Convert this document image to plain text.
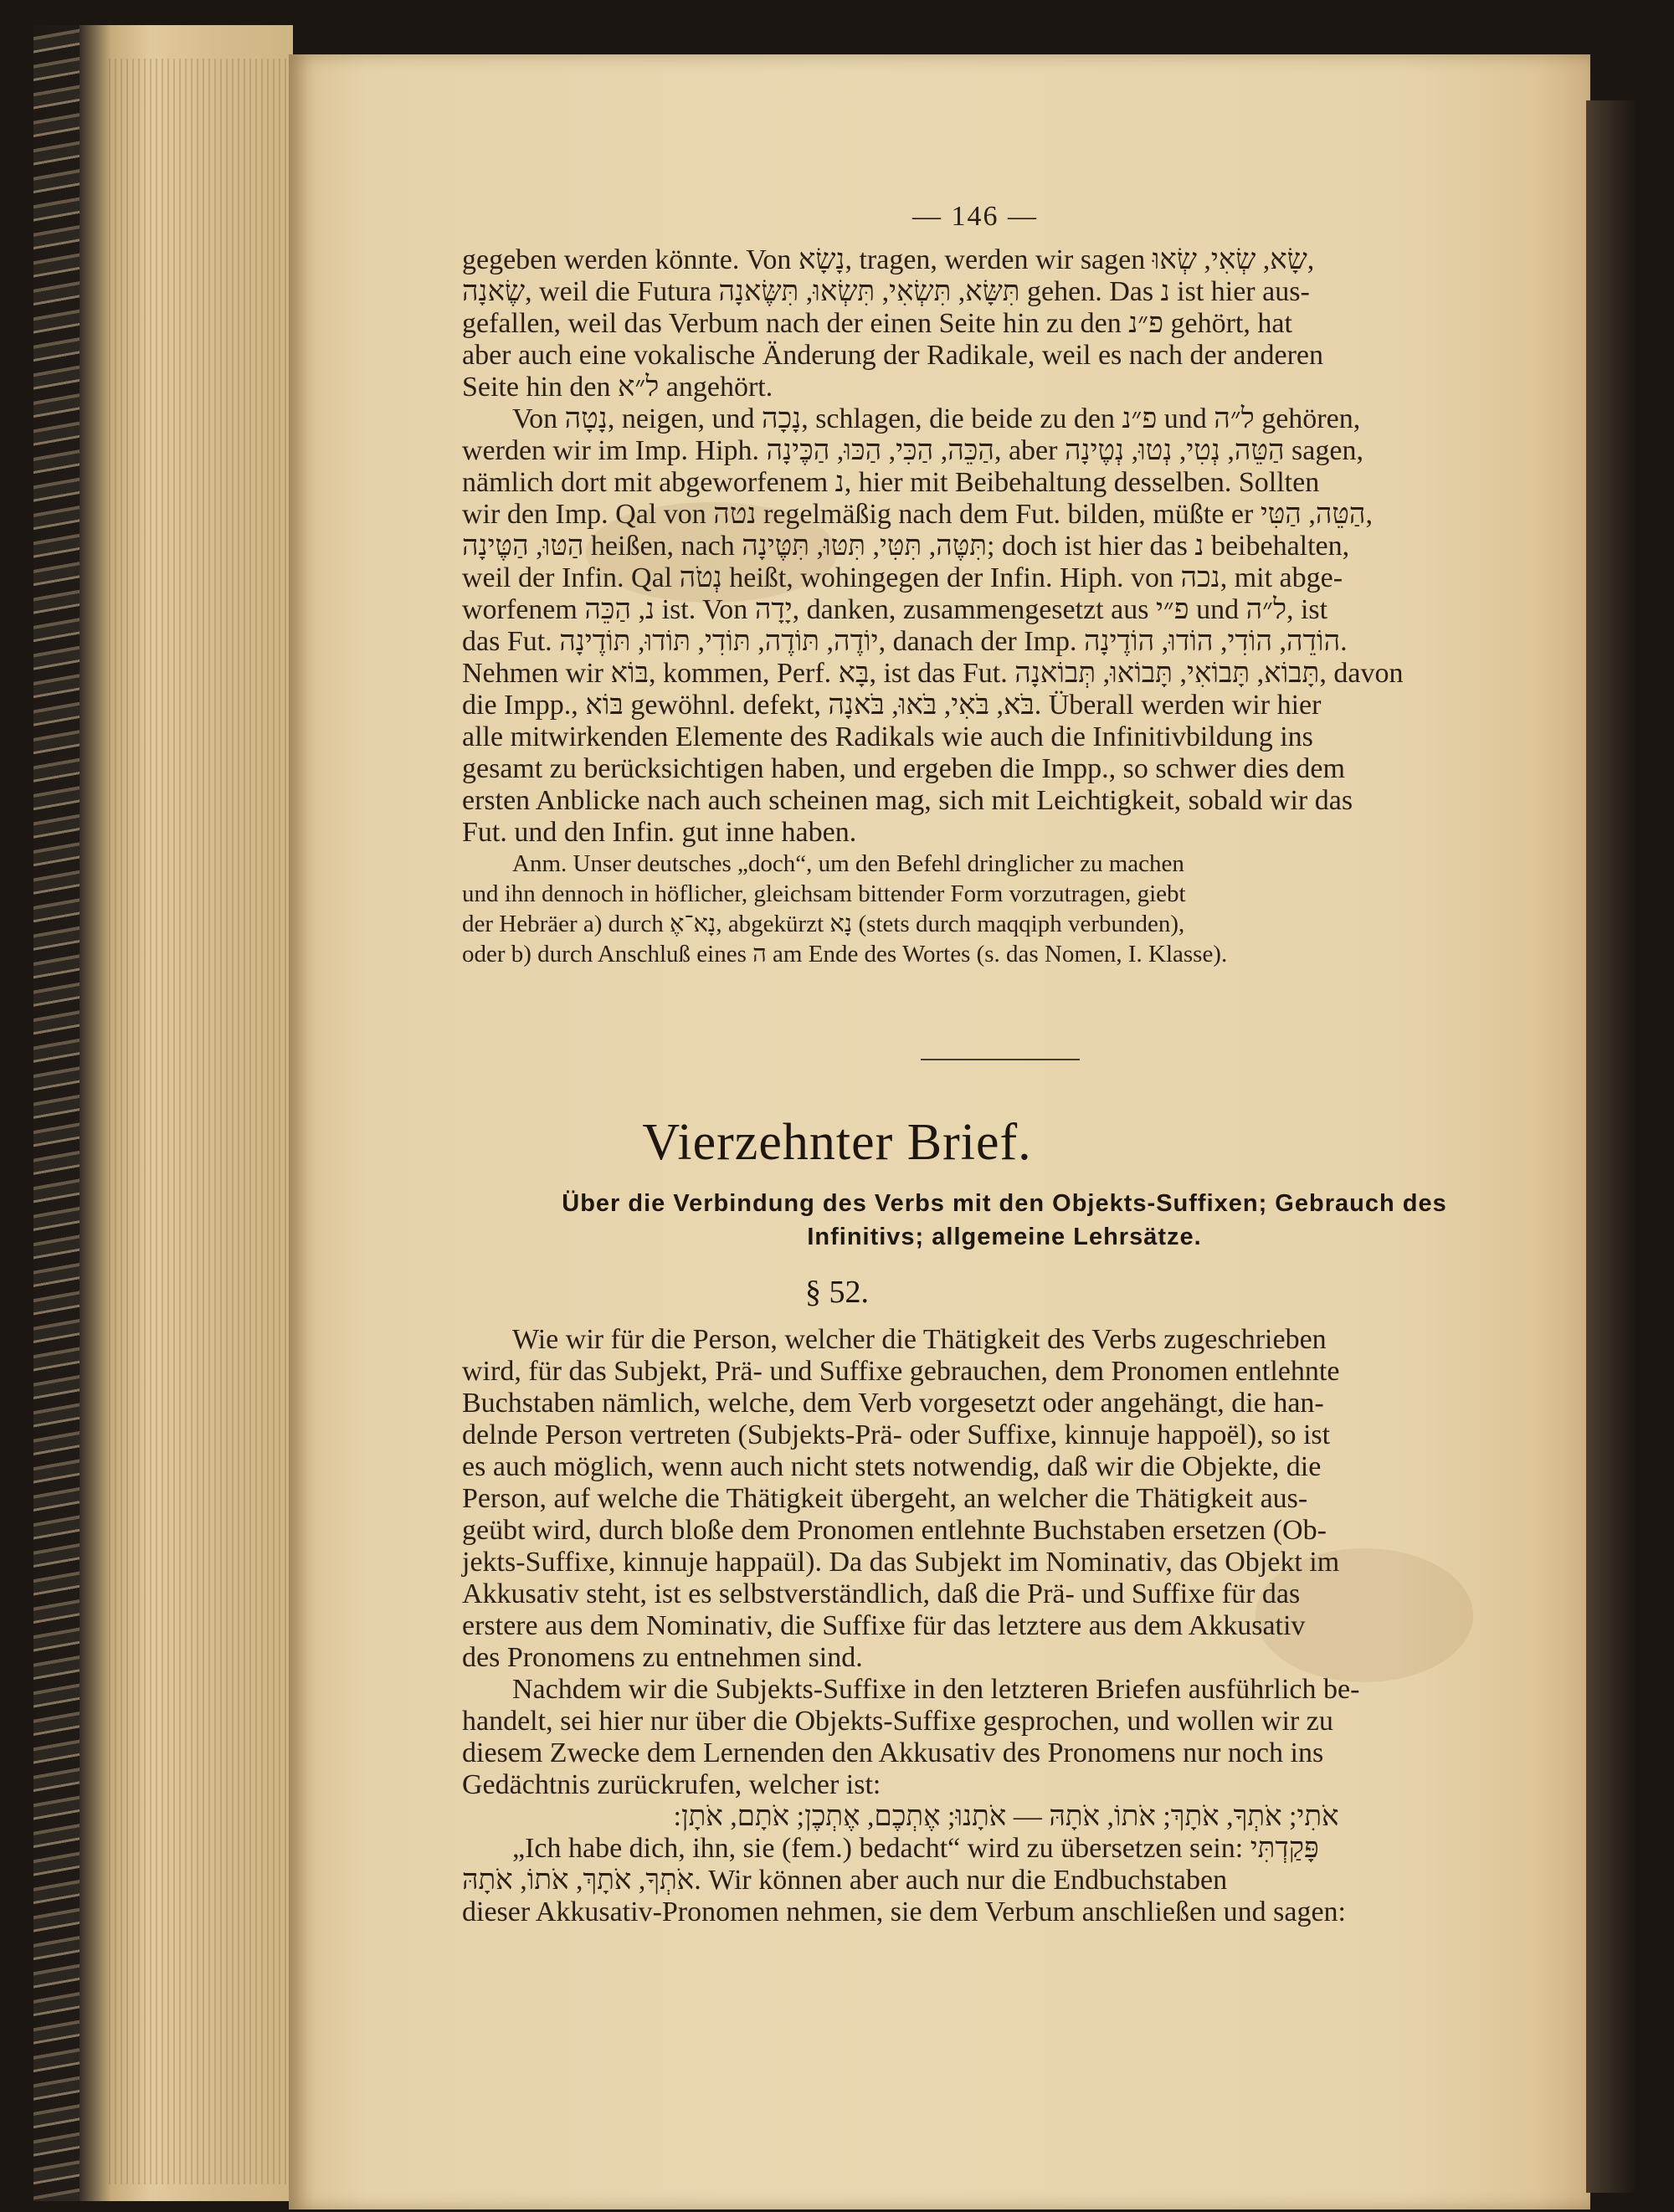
— 146 —
gegeben werden könnte. Von נָשָׂא, tragen, werden wir sagen שָׂא, שְׂאִי, שְׂאוּ,
שֶׂאנָה, weil die Futura תִּשָּׂא, תִּשְׂאִי, תִּשְׂאוּ, תִּשֶּׂאנָה gehen. Das נ ist hier aus-
gefallen, weil das Verbum nach der einen Seite hin zu den פ״נ gehört, hat
aber auch eine vokalische Änderung der Radikale, weil es nach der anderen
Seite hin den ל״א angehört.
Von נָטָה, neigen, und נָכָה, schlagen, die beide zu den פ״נ und ל״ה gehören,
werden wir im Imp. Hiph. הַכֵּה, הַכִּי, הַכּוּ, הַכֶּינָה, aber הַטֵּה, נְטִי, נְטוּ, נְטֶינָה sagen,
nämlich dort mit abgeworfenem נ, hier mit Beibehaltung desselben. Sollten
wir den Imp. Qal von נטה regelmäßig nach dem Fut. bilden, müßte er הַטֵּה, הַטִּי,
הַטּוּ, הַטֶּינָה heißen, nach תִּטֶּה, תִּטִּי, תִּטּוּ, תִּטֶּינָה; doch ist hier das נ beibehalten,
weil der Infin. Qal נְטֹה heißt, wohingegen der Infin. Hiph. von נכה, mit abge-
worfenem נ, הַכֵּה ist. Von יָדָה, danken, zusammengesetzt aus פ״י und ל״ה, ist
das Fut. יוֹדֶה, תּוֹדֶה, תּוֹדִי, תּוֹדוּ, תּוֹדֶינָה, danach der Imp. הוֹדֵה, הוֹדִי, הוֹדוּ, הוֹדֶינָה.
Nehmen wir בּוֹא, kommen, Perf. בָּא, ist das Fut. תָּבוֹא, תָּבוֹאִי, תָּבוֹאוּ, תְּבוֹאנָה, davon
die Impp., בּוֹא gewöhnl. defekt, בֹּא, בֹּאִי, בֹּאוּ, בֹּאנָה. Überall werden wir hier
alle mitwirkenden Elemente des Radikals wie auch die Infinitivbildung ins
gesamt zu berücksichtigen haben, und ergeben die Impp., so schwer dies dem
ersten Anblicke nach auch scheinen mag, sich mit Leichtigkeit, sobald wir das
Fut. und den Infin. gut inne haben.
Anm. Unser deutsches „doch“, um den Befehl dringlicher zu machen
und ihn dennoch in höflicher, gleichsam bittender Form vorzutragen, giebt
der Hebräer a) durch נָא־אֶ, abgekürzt נָא (stets durch maqqiph verbunden),
oder b) durch Anschluß eines ה am Ende des Wortes (s. das Nomen, I. Klasse).
Vierzehnter Brief.
Über die Verbindung des Verbs mit den Objekts-Suffixen; Gebrauch des
Infinitivs; allgemeine Lehrsätze.
§ 52.
Wie wir für die Person, welcher die Thätigkeit des Verbs zugeschrieben
wird, für das Subjekt, Prä- und Suffixe gebrauchen, dem Pronomen entlehnte
Buchstaben nämlich, welche, dem Verb vorgesetzt oder angehängt, die han-
delnde Person vertreten (Subjekts-Prä- oder Suffixe, kinnuje happoël), so ist
es auch möglich, wenn auch nicht stets notwendig, daß wir die Objekte, die
Person, auf welche die Thätigkeit übergeht, an welcher die Thätigkeit aus-
geübt wird, durch bloße dem Pronomen entlehnte Buchstaben ersetzen (Ob-
jekts-Suffixe, kinnuje happaül). Da das Subjekt im Nominativ, das Objekt im
Akkusativ steht, ist es selbstverständlich, daß die Prä- und Suffixe für das
erstere aus dem Nominativ, die Suffixe für das letztere aus dem Akkusativ
des Pronomens zu entnehmen sind.
Nachdem wir die Subjekts-Suffixe in den letzteren Briefen ausführlich be-
handelt, sei hier nur über die Objekts-Suffixe gesprochen, und wollen wir zu
diesem Zwecke dem Lernenden den Akkusativ des Pronomens nur noch ins
Gedächtnis zurückrufen, welcher ist:
אֹתִי; אֹתְךָ, אֹתָךְ; אֹתוֹ, אֹתָהּ — אֹתָנוּ; אֶתְכֶם, אֶתְכֶן; אֹתָם, אֹתָן:
„Ich habe dich, ihn, sie (fem.) bedacht“ wird zu übersetzen sein: פָּקַדְתִּי
אֹתְךָ, אֹתָךְ, אֹתוֹ, אֹתָהּ. Wir können aber auch nur die Endbuchstaben
dieser Akkusativ-Pronomen nehmen, sie dem Verbum anschließen und sagen:
